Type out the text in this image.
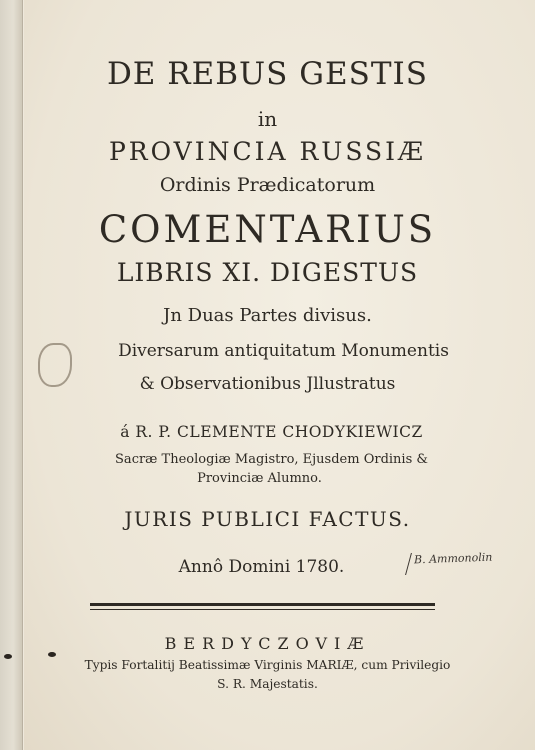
DE REBUS GESTIS
in
PROVINCIA RUSSIÆ
Ordinis Prædicatorum
COMENTARIUS
LIBRIS XI. DIGESTUS
Jn Duas Partes divisus.
Diversarum antiquitatum Monumentis
& Observationibus Jllustratus
á R. P. CLEMENTE CHODYKIEWICZ
Sacræ Theologiæ Magistro, Ejusdem Ordinis &
Provinciæ Alumno.
JURIS PUBLICI FACTUS.
Annô Domini 1780.	B. Ammonolin
BERDYCZOVIÆ
Typis Fortalitij Beatissimæ Virginis MARIÆ, cum Privilegio
S. R. Majestatis.
